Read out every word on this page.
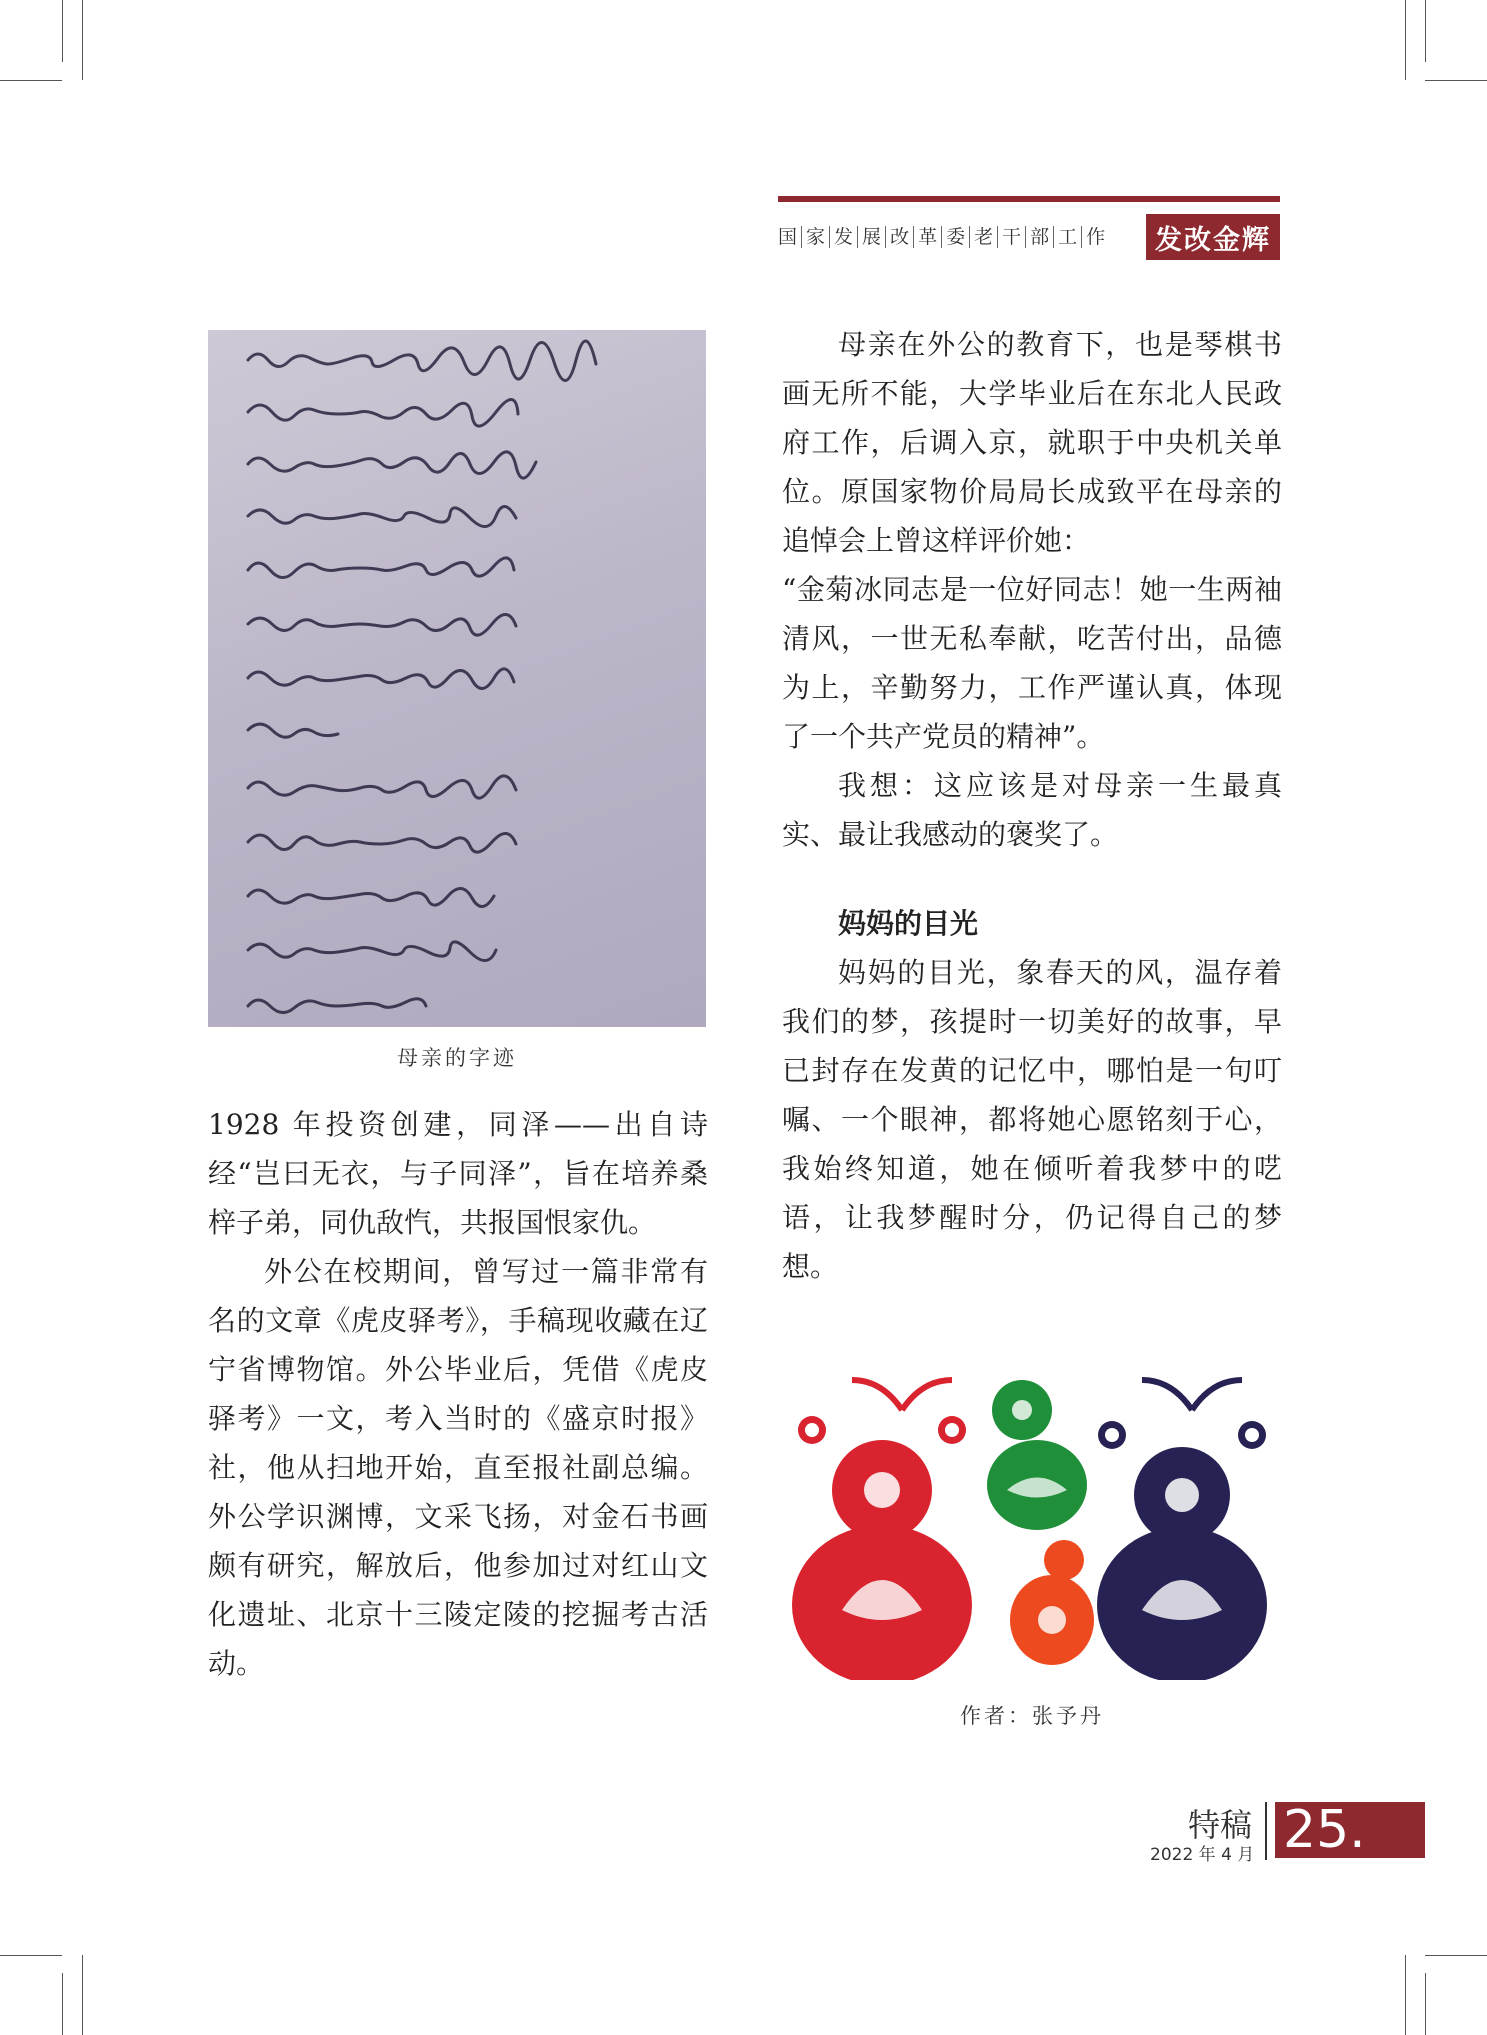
国 家 发 展 改 革 委 老 干 部 工 作	发改金辉
母亲的字迹

1928 年投资创建，同泽——出自诗经“岂曰无衣，与子同泽”，旨在培养桑梓子弟，同仇敌忾，共报国恨家仇。

外公在校期间，曾写过一篇非常有名的文章《虎皮驿考》，手稿现收藏在辽宁省博物馆。外公毕业后，凭借《虎皮驿考》一文，考入当时的《盛京时报》社，他从扫地开始，直至报社副总编。外公学识渊博，文采飞扬，对金石书画颇有研究，解放后，他参加过对红山文化遗址、北京十三陵定陵的挖掘考古活动。

母亲在外公的教育下，也是琴棋书画无所不能，大学毕业后在东北人民政府工作，后调入京，就职于中央机关单位。原国家物价局局长成致平在母亲的追悼会上曾这样评价她：

“金菊冰同志是一位好同志！她一生两袖清风，一世无私奉献，吃苦付出，品德为上，辛勤努力，工作严谨认真，体现了一个共产党员的精神”。

我想：这应该是对母亲一生最真实、最让我感动的褒奖了。

妈妈的目光

妈妈的目光，象春天的风，温存着我们的梦，孩提时一切美好的故事，早已封存在发黄的记忆中，哪怕是一句叮嘱、一个眼神，都将她心愿铭刻于心，我始终知道，她在倾听着我梦中的呓语，让我梦醒时分，仍记得自己的梦想。

作者：张予丹
特稿
2022 年 4 月 25.
